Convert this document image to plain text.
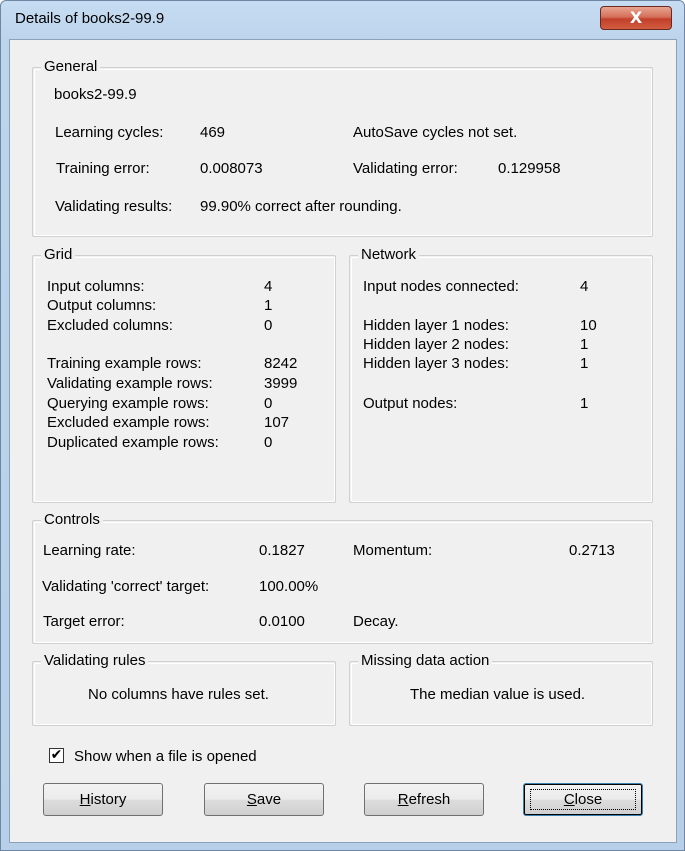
Details of books2-99.9	X
General
books2-99.9
Learning cycles: 469	AutoSave cycles not set.
Training error:	0.008073	Validating error:	0.129958
Validating results: 99.90% correct after rounding.
Grid
Input columns:	4
Output columns:	1
Excluded columns:	0
Training example rows:	8242
Validating example rows:	3999
Querying example rows:	0
Excluded example rows:	107
Duplicated example rows:	0
Network
Input nodes connected:	4
Hidden layer 1 nodes:	10
Hidden layer 2 nodes:	1
Hidden layer 3 nodes:	1
Output nodes:	1
Controls
Learning rate:	0.1827	Momentum:	0.2713
Validating 'correct' target:	100.00%
Target error:	0.0100	Decay.
Validating rules
No columns have rules set.
Missing data action
The median value is used.
✔ Show when a file is opened
History	Save	Refresh	Close
